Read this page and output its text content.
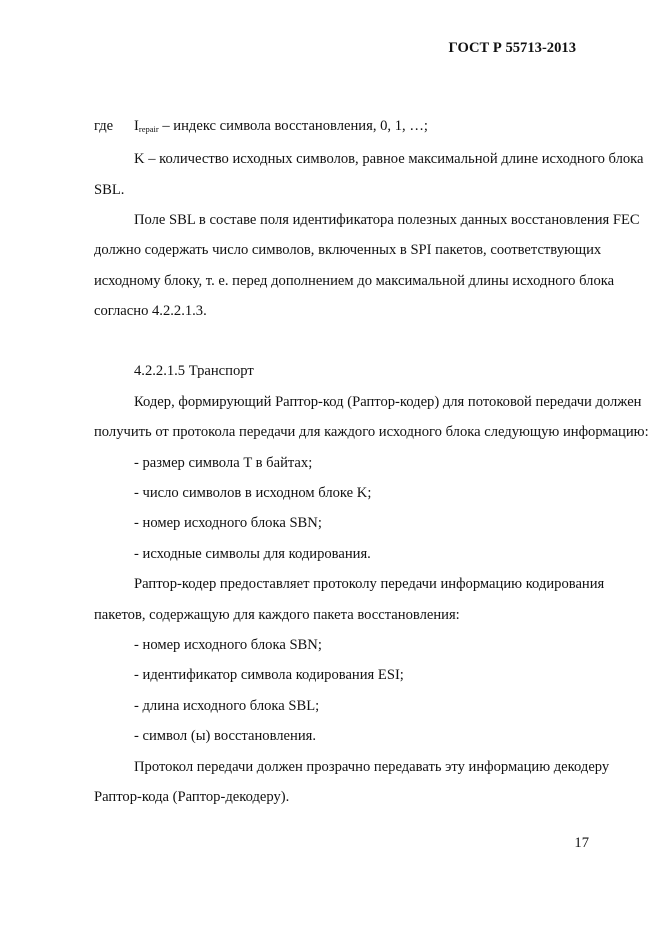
ГОСТ Р 55713-2013
где $I_{repair}$ – индекс символа восстановления, 0, 1, …;
K – количество исходных символов, равное максимальной длине исходного блока
SBL.
Поле SBL в составе поля идентификатора полезных данных восстановления FEC
должно содержать число символов, включенных в SPI пакетов, соответствующих
исходному блоку, т. е. перед дополнением до максимальной длины исходного блока
согласно 4.2.2.1.3.
4.2.2.1.5 Транспорт
Кодер, формирующий Раптор-код (Раптор-кодер) для потоковой передачи должен
получить от протокола передачи для каждого исходного блока следующую информацию:
- размер символа T в байтах;
- число символов в исходном блоке K;
- номер исходного блока SBN;
- исходные символы для кодирования.
Раптор-кодер предоставляет протоколу передачи информацию кодирования
пакетов, содержащую для каждого пакета восстановления:
- номер исходного блока SBN;
- идентификатор символа кодирования ESI;
- длина исходного блока SBL;
- символ (ы) восстановления.
Протокол передачи должен прозрачно передавать эту информацию декодеру
Раптор-кода (Раптор-декодеру).
17
